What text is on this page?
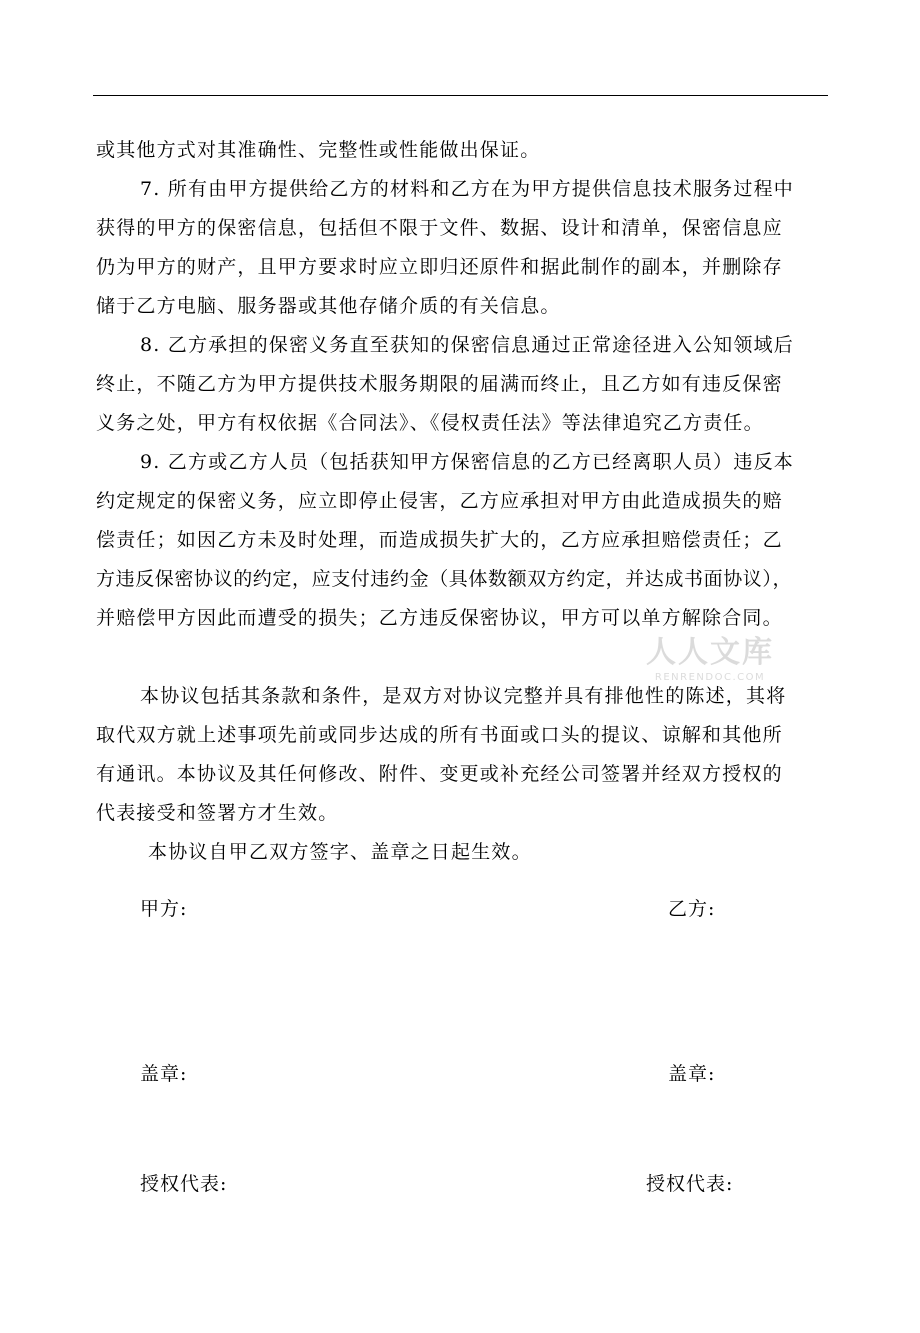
或其他方式对其准确性、完整性或性能做出保证。
7. 所有由甲方提供给乙方的材料和乙方在为甲方提供信息技术服务过程中
获得的甲方的保密信息，包括但不限于文件、数据、设计和清单，保密信息应
仍为甲方的财产，且甲方要求时应立即归还原件和据此制作的副本，并删除存
储于乙方电脑、服务器或其他存储介质的有关信息。
8. 乙方承担的保密义务直至获知的保密信息通过正常途径进入公知领域后
终止，不随乙方为甲方提供技术服务期限的届满而终止，且乙方如有违反保密
义务之处，甲方有权依据《合同法》、《侵权责任法》等法律追究乙方责任。
9. 乙方或乙方人员（包括获知甲方保密信息的乙方已经离职人员）违反本
约定规定的保密义务，应立即停止侵害，乙方应承担对甲方由此造成损失的赔
偿责任；如因乙方未及时处理，而造成损失扩大的，乙方应承担赔偿责任；乙
方违反保密协议的约定，应支付违约金（具体数额双方约定，并达成书面协议），
并赔偿甲方因此而遭受的损失；乙方违反保密协议，甲方可以单方解除合同。
本协议包括其条款和条件，是双方对协议完整并具有排他性的陈述，其将
取代双方就上述事项先前或同步达成的所有书面或口头的提议、谅解和其他所
有通讯。本协议及其任何修改、附件、变更或补充经公司签署并经双方授权的
代表接受和签署方才生效。
本协议自甲乙双方签字、盖章之日起生效。
甲方:	乙方:
盖章:	盖章:
授权代表:	授权代表:
人人文库
RENRENDOC.COM
